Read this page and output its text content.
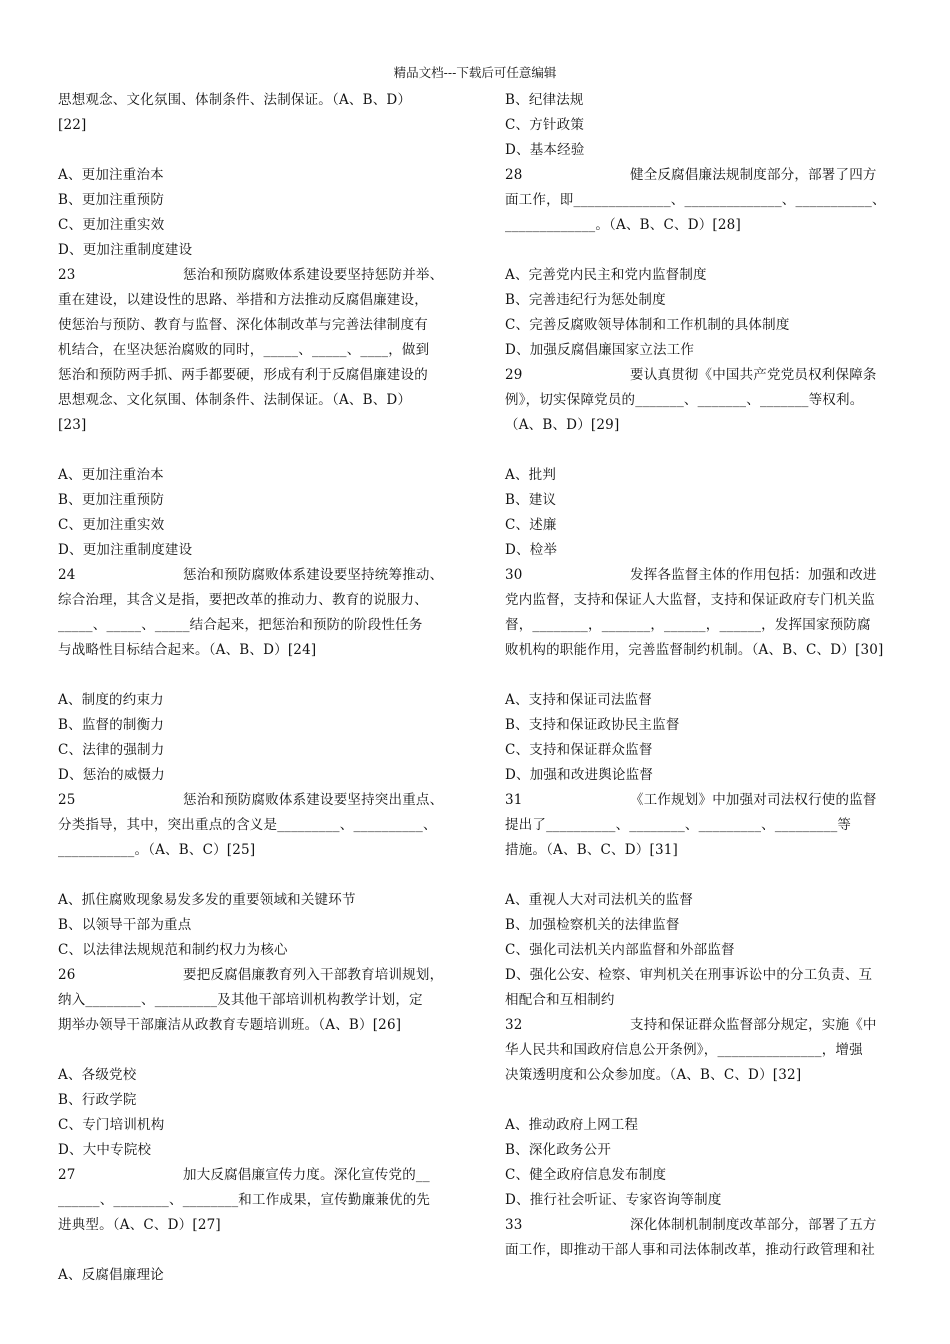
精品文档---下载后可任意编辑
思想观念、文化氛围、体制条件、法制保证。（A、B、D）
[22]
A、更加注重治本
B、更加注重预防
C、更加注重实效
D、更加注重制度建设
23	惩治和预防腐败体系建设要坚持惩防并举、
重在建设，以建设性的思路、举措和方法推动反腐倡廉建设，
使惩治与预防、教育与监督、深化体制改革与完善法律制度有
机结合，在坚决惩治腐败的同时，_____、_____、____，做到
惩治和预防两手抓、两手都要硬，形成有利于反腐倡廉建设的
思想观念、文化氛围、体制条件、法制保证。（A、B、D）
[23]
A、更加注重治本
B、更加注重预防
C、更加注重实效
D、更加注重制度建设
24	惩治和预防腐败体系建设要坚持统筹推动、
综合治理，其含义是指，要把改革的推动力、教育的说服力、
_____、_____、_____结合起来，把惩治和预防的阶段性任务
与战略性目标结合起来。（A、B、D）[24]
A、制度的约束力
B、监督的制衡力
C、法律的强制力
D、惩治的威慑力
25	惩治和预防腐败体系建设要坚持突出重点、
分类指导，其中，突出重点的含义是_________、__________、
___________。（A、B、C）[25]
A、抓住腐败现象易发多发的重要领域和关键环节
B、以领导干部为重点
C、以法律法规规范和制约权力为核心
26	要把反腐倡廉教育列入干部教育培训规划，
纳入________、_________及其他干部培训机构教学计划，定
期举办领导干部廉洁从政教育专题培训班。（A、B）[26]
A、各级党校
B、行政学院
C、专门培训机构
D、大中专院校
27	加大反腐倡廉宣传力度。深化宣传党的__
______、________、________和工作成果，宣传勤廉兼优的先
进典型。（A、C、D）[27]
A、反腐倡廉理论
B、纪律法规
C、方针政策
D、基本经验
28	健全反腐倡廉法规制度部分，部署了四方
面工作，即______________、______________、___________、
_____________。（A、B、C、D）[28]
A、完善党内民主和党内监督制度
B、完善违纪行为惩处制度
C、完善反腐败领导体制和工作机制的具体制度
D、加强反腐倡廉国家立法工作
29	要认真贯彻《中国共产党党员权利保障条
例》，切实保障党员的_______、_______、_______等权利。
（A、B、D）[29]
A、批判
B、建议
C、述廉
D、检举
30	发挥各监督主体的作用包括：加强和改进
党内监督，支持和保证人大监督，支持和保证政府专门机关监
督，________，_______，______，______，发挥国家预防腐
败机构的职能作用，完善监督制约机制。（A、B、C、D）[30]
A、支持和保证司法监督
B、支持和保证政协民主监督
C、支持和保证群众监督
D、加强和改进舆论监督
31	《工作规划》中加强对司法权行使的监督
提出了__________、________、_________、_________等
措施。（A、B、C、D）[31]
A、重视人大对司法机关的监督
B、加强检察机关的法律监督
C、强化司法机关内部监督和外部监督
D、强化公安、检察、审判机关在刑事诉讼中的分工负责、互
相配合和互相制约
32	支持和保证群众监督部分规定，实施《中
华人民共和国政府信息公开条例》，_______________，增强
决策透明度和公众参加度。（A、B、C、D）[32]
A、推动政府上网工程
B、深化政务公开
C、健全政府信息发布制度
D、推行社会听证、专家咨询等制度
33	深化体制机制制度改革部分，部署了五方
面工作，即推动干部人事和司法体制改革，推动行政管理和社
